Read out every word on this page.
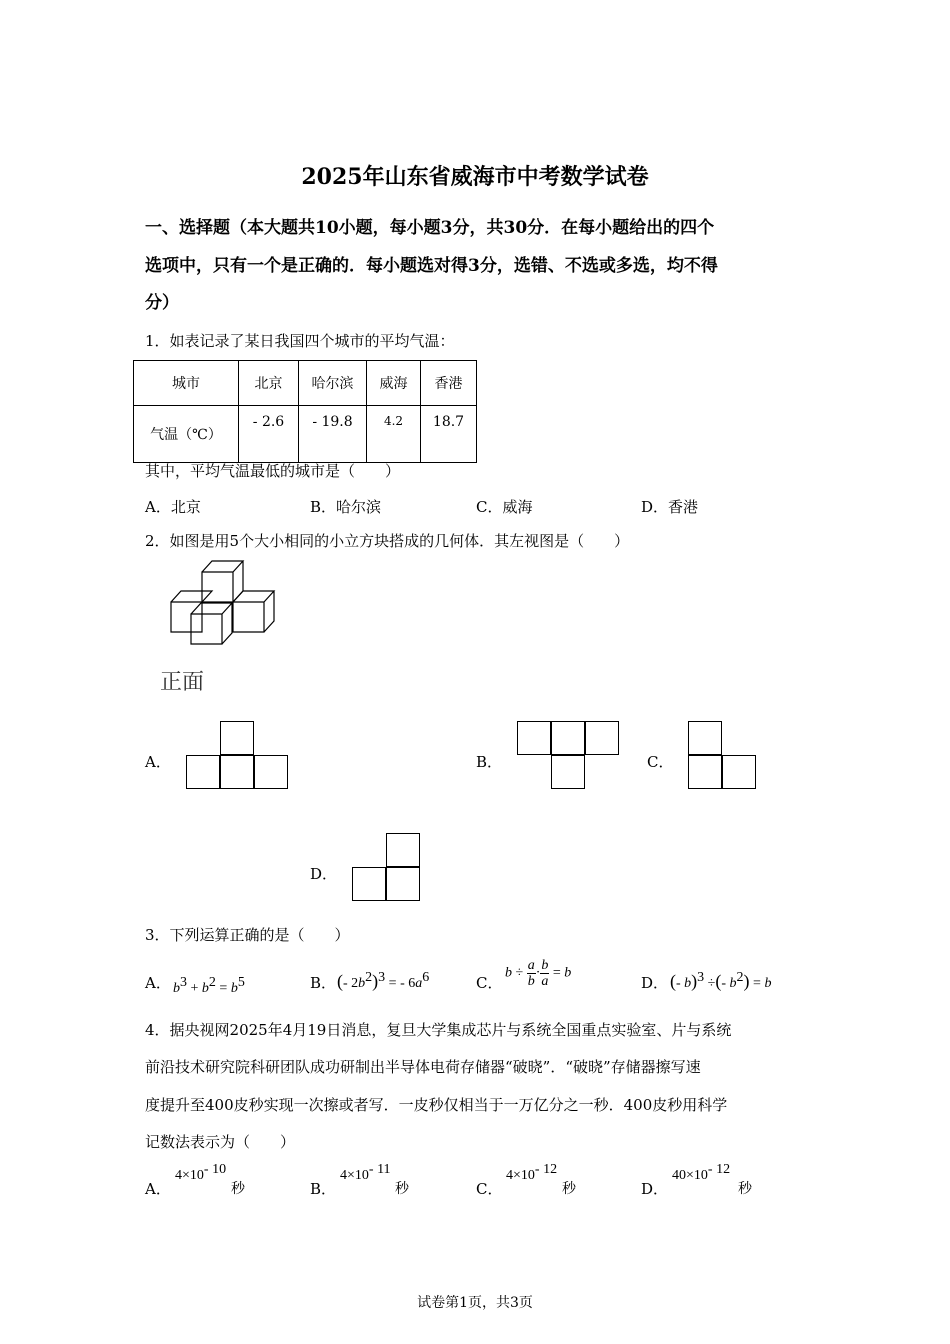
2025年山东省威海市中考数学试卷
一、选择题（本大题共10小题，每小题3分，共30分．在每小题给出的四个
选项中，只有一个是正确的．每小题选对得3分，选错、不选或多选，均不得
分）
1．如表记录了某日我国四个城市的平均气温：
城市	北京	哈尔滨	威海	香港
气温（℃）	- 2.6	- 19.8	4.2	18.7
其中，平均气温最低的城市是（　　）
A．北京	B．哈尔滨	C．威海	D．香港
2．如图是用5个大小相同的小立方块搭成的几何体．其左视图是（　　）
正面
A．	B．	C．
D．
3．下列运算正确的是（　　）
A． $b^3 + b^2 = b^5$	B． (- $2b^2)^3$ = - $6a^6$	C．
$b \div \frac{a}{b} \cdot \frac{b}{a} = b$
D． (- b)$^3$ ÷(- $b^2) = b$
4．据央视网2025年4月19日消息，复旦大学集成芯片与系统全国重点实验室、片与系统
前沿技术研究院科研团队成功研制出半导体电荷存储器“破晓”．“破晓”存储器擦写速
度提升至400皮秒实现一次擦或者写．一皮秒仅相当于一万亿分之一秒．400皮秒用科学
记数法表示为（　　）
A．
$4\times 10^{- 10}$
秒	B．
$4\times 10^{- 11}$
秒	C．
$4\times 10^{- 12}$
秒	D．
$40\times 10^{- 12}$
秒
试卷第1页，共3页
